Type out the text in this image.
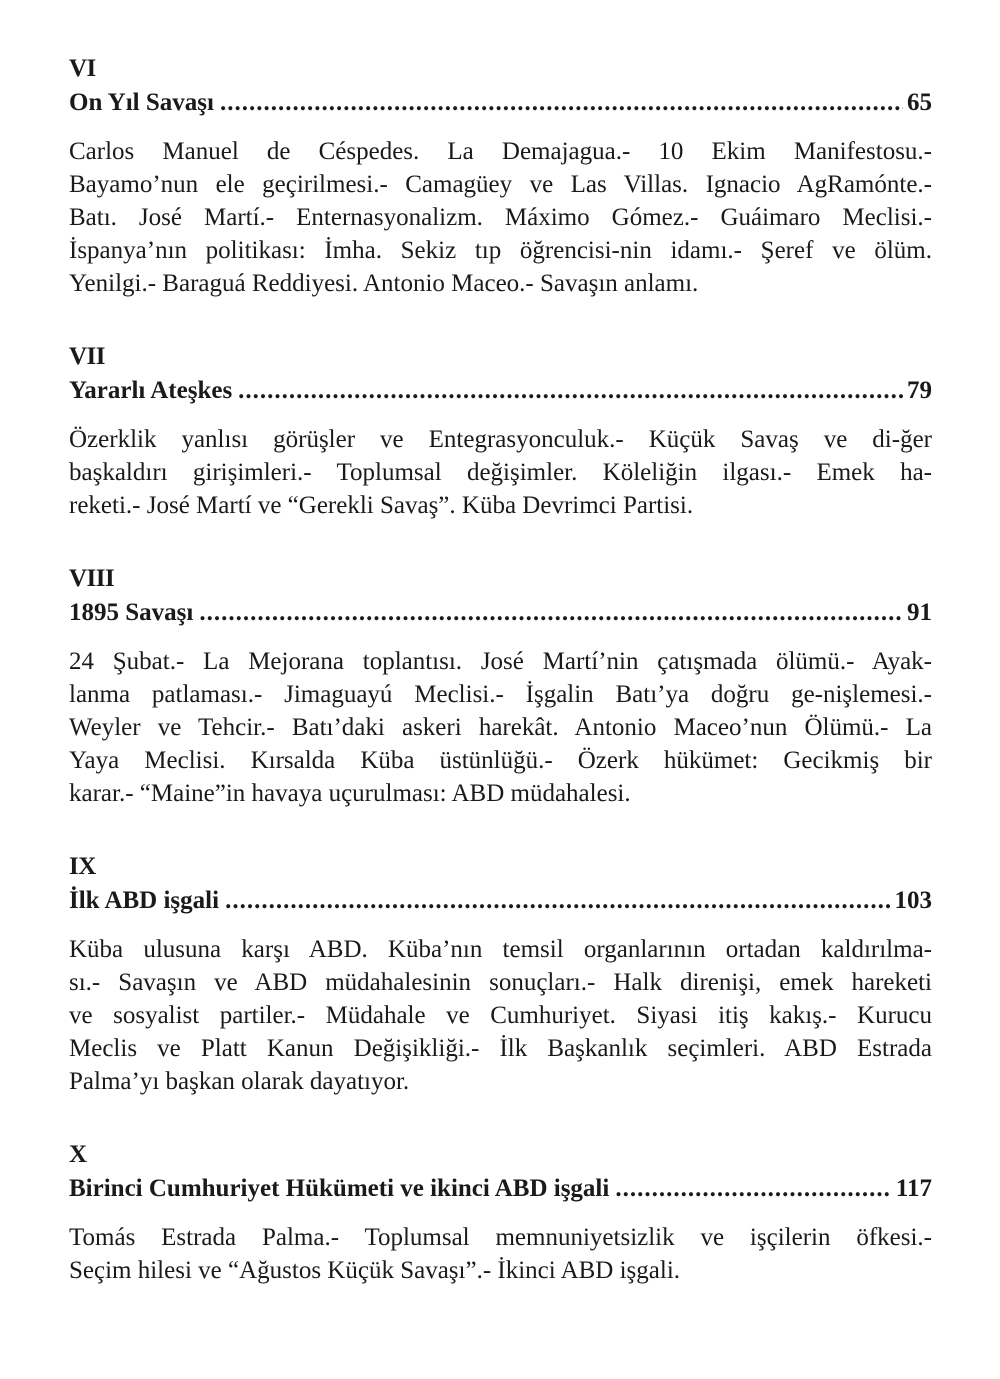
VI
On Yıl Savaşı .....	65
Carlos Manuel de Céspedes. La Demajagua.- 10 Ekim Manifestosu.-
Bayamo’nun ele geçirilmesi.- Camagüey ve Las Villas. Ignacio AgRamónte.-
Batı. José Martí.- Enternasyonalizm. Máximo Gómez.- Guáimaro Meclisi.-
İspanya’nın politikası: İmha. Sekiz tıp öğrencisi-nin idamı.- Şeref ve ölüm.
Yenilgi.- Baraguá Reddiyesi. Antonio Maceo.- Savaşın anlamı.
VII
Yararlı Ateşkes .....	79
Özerklik yanlısı görüşler ve Entegrasyonculuk.- Küçük Savaş ve di-ğer
başkaldırı girişimleri.- Toplumsal değişimler. Köleliğin ilgası.- Emek ha-
reketi.- José Martí ve “Gerekli Savaş”. Küba Devrimci Partisi.
VIII
1895 Savaşı .....	91
24 Şubat.- La Mejorana toplantısı. José Martí’nin çatışmada ölümü.- Ayak-
lanma patlaması.- Jimaguayú Meclisi.- İşgalin Batı’ya doğru ge-nişlemesi.-
Weyler ve Tehcir.- Batı’daki askeri harekât. Antonio Maceo’nun Ölümü.- La
Yaya Meclisi. Kırsalda Küba üstünlüğü.- Özerk hükümet: Gecikmiş bir
karar.- “Maine”in havaya uçurulması: ABD müdahalesi.
IX
İlk ABD işgali .....	103
Küba ulusuna karşı ABD. Küba’nın temsil organlarının ortadan kaldırılma-
sı.- Savaşın ve ABD müdahalesinin sonuçları.- Halk direnişi, emek hareketi
ve sosyalist partiler.- Müdahale ve Cumhuriyet. Siyasi itiş kakış.- Kurucu
Meclis ve Platt Kanun Değişikliği.- İlk Başkanlık seçimleri. ABD Estrada
Palma’yı başkan olarak dayatıyor.
X
Birinci Cumhuriyet Hükümeti ve ikinci ABD işgali .....	117
Tomás Estrada Palma.- Toplumsal memnuniyetsizlik ve işçilerin öfkesi.-
Seçim hilesi ve “Ağustos Küçük Savaşı”.- İkinci ABD işgali.
